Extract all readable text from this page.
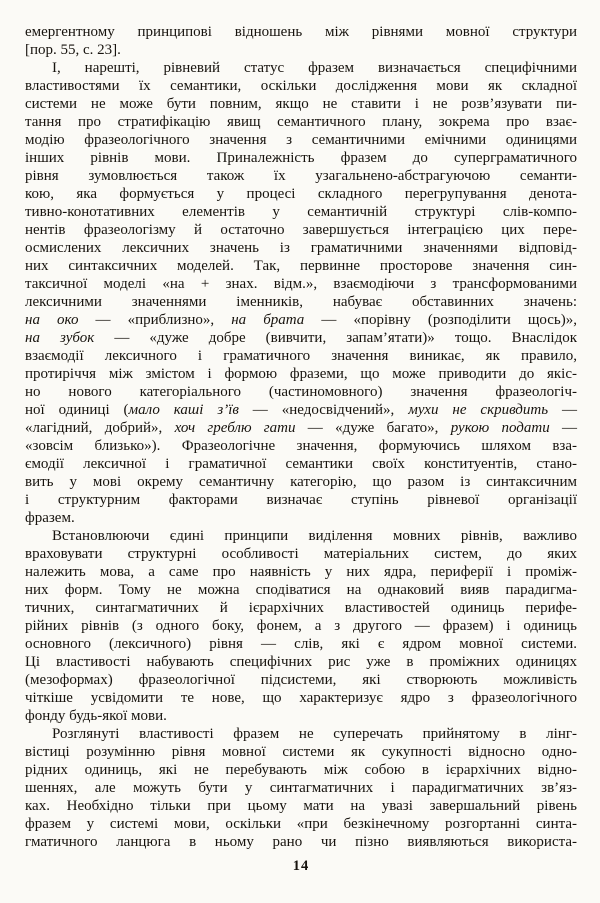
емергентному принципові відношень між рівнями мовної структури
[пор. 55, с. 23].
І, нарешті, рівневий статус фразем визначається специфічними
властивостями їх семантики, оскільки дослідження мови як складної
системи не може бути повним, якщо не ставити і не розв’язувати пи-
тання про стратифікацію явищ семантичного плану, зокрема про взає-
модію фразеологічного значення з семантичними емічними одиницями
інших рівнів мови. Приналежність фразем до суперграматичного
рівня зумовлюється також їх узагальнено-абстрагуючою семанти-
кою, яка формується у процесі складного перегрупування денота-
тивно-конотативних елементів у семантичній структурі слів-компо-
нентів фразеологізму й остаточно завершується інтеграцією цих пере-
осмислених лексичних значень із граматичними значеннями відповід-
них синтаксичних моделей. Так, первинне просторове значення син-
таксичної моделі «на + знах. відм.», взаємодіючи з трансформованими
лексичними значеннями іменників, набуває обставинних значень:
на око — «приблизно», на брата — «порівну (розподілити щось)»,
на зубок — «дуже добре (вивчити, запам’ятати)» тощо. Внаслідок
взаємодії лексичного і граматичного значення виникає, як правило,
протиріччя між змістом і формою фраземи, що може приводити до якіс-
но нового категоріального (частиномовного) значення фразеологіч-
ної одиниці (мало каші з’їв — «недосвідчений», мухи не скривдить —
«лагідний, добрий», хоч греблю гати — «дуже багато», рукою подати —
«зовсім близько»). Фразеологічне значення, формуючись шляхом вза-
ємодії лексичної і граматичної семантики своїх конституентів, стано-
вить у мові окрему семантичну категорію, що разом із синтаксичним
і структурним факторами визначає ступінь рівневої організації
фразем.
Встановлюючи єдині принципи виділення мовних рівнів, важливо
враховувати структурні особливості матеріальних систем, до яких
належить мова, а саме про наявність у них ядра, периферії і проміж-
них форм. Тому не можна сподіватися на однаковий вияв парадигма-
тичних, синтагматичних й ієрархічних властивостей одиниць перифе-
рійних рівнів (з одного боку, фонем, а з другого — фразем) і одиниць
основного (лексичного) рівня — слів, які є ядром мовної системи.
Ці властивості набувають специфічних рис уже в проміжних одиницях
(мезоформах) фразеологічної підсистеми, які створюють можливість
чіткіше усвідомити те нове, що характеризує ядро з фразеологічного
фонду будь-якої мови.
Розглянуті властивості фразем не суперечать прийнятому в лінг-
вістиці розумінню рівня мовної системи як сукупності відносно одно-
рідних одиниць, які не перебувають між собою в ієрархічних відно-
шеннях, але можуть бути у синтагматичних і парадигматичних зв’яз-
ках. Необхідно тільки при цьому мати на увазі завершальний рівень
фразем у системі мови, оскільки «при безкінечному розгортанні синта-
гматичного ланцюга в ньому рано чи пізно виявляються використа-
14
